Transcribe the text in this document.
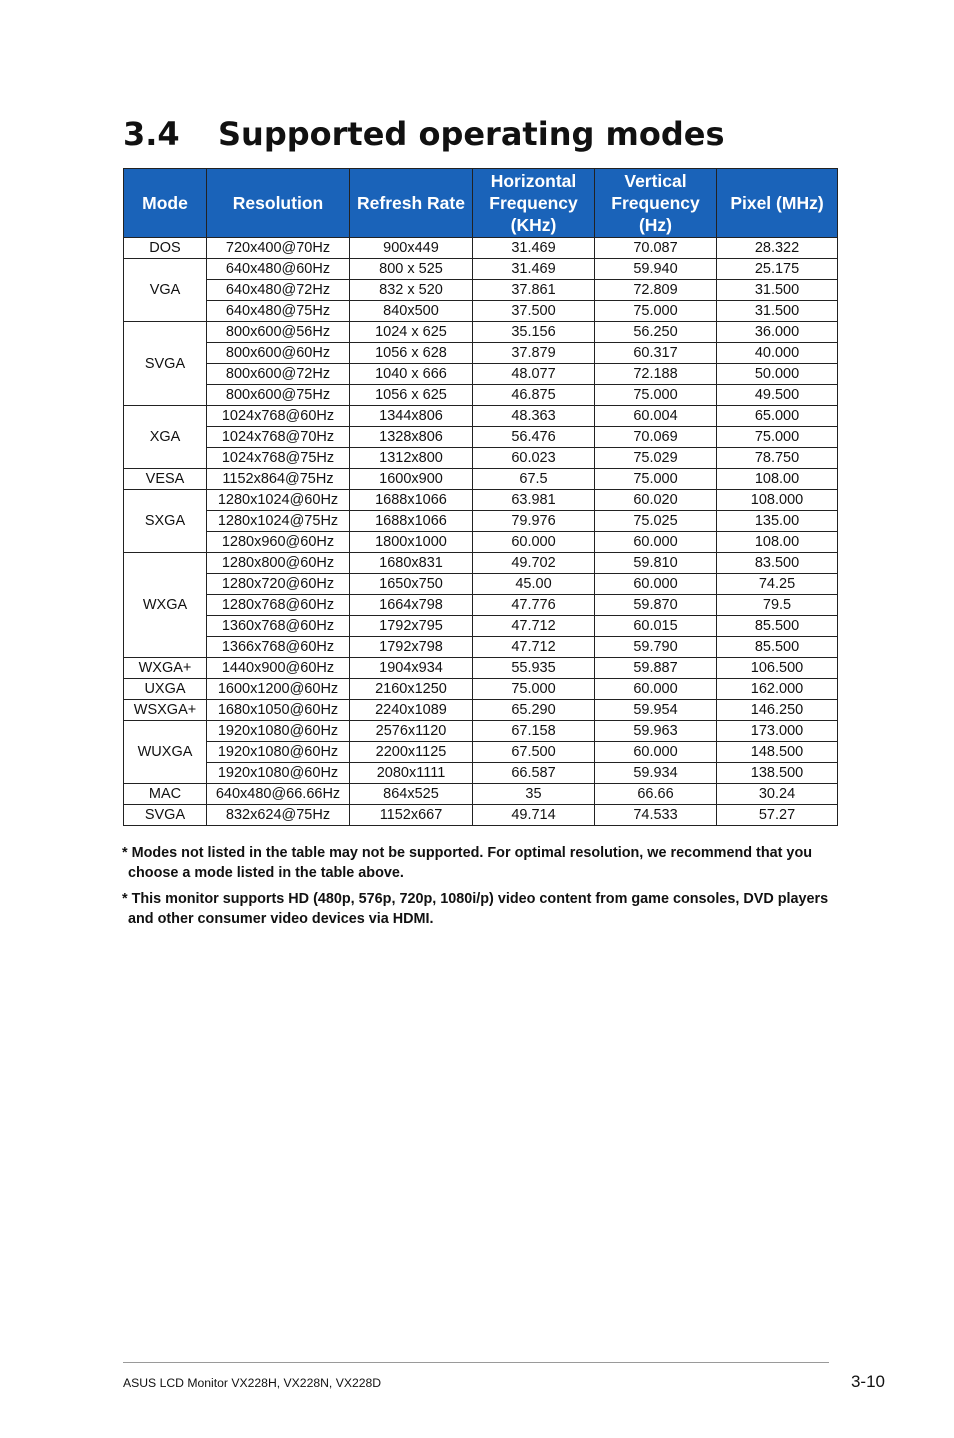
3.4 Supported operating modes
Mode	Resolution	Refresh Rate	Horizontal Frequency (KHz)	Vertical Frequency (Hz)	Pixel (MHz)
DOS	720x400@70Hz	900x449	31.469	70.087	28.322
VGA	640x480@60Hz	800 x 525	31.469	59.940	25.175
	640x480@72Hz	832 x 520	37.861	72.809	31.500
	640x480@75Hz	840x500	37.500	75.000	31.500
SVGA	800x600@56Hz	1024 x 625	35.156	56.250	36.000
	800x600@60Hz	1056 x 628	37.879	60.317	40.000
	800x600@72Hz	1040 x 666	48.077	72.188	50.000
	800x600@75Hz	1056 x 625	46.875	75.000	49.500
XGA	1024x768@60Hz	1344x806	48.363	60.004	65.000
	1024x768@70Hz	1328x806	56.476	70.069	75.000
	1024x768@75Hz	1312x800	60.023	75.029	78.750
VESA	1152x864@75Hz	1600x900	67.5	75.000	108.00
SXGA	1280x1024@60Hz	1688x1066	63.981	60.020	108.000
	1280x1024@75Hz	1688x1066	79.976	75.025	135.00
	1280x960@60Hz	1800x1000	60.000	60.000	108.00
WXGA	1280x800@60Hz	1680x831	49.702	59.810	83.500
	1280x720@60Hz	1650x750	45.00	60.000	74.25
	1280x768@60Hz	1664x798	47.776	59.870	79.5
	1360x768@60Hz	1792x795	47.712	60.015	85.500
	1366x768@60Hz	1792x798	47.712	59.790	85.500
WXGA+	1440x900@60Hz	1904x934	55.935	59.887	106.500
UXGA	1600x1200@60Hz	2160x1250	75.000	60.000	162.000
WSXGA+	1680x1050@60Hz	2240x1089	65.290	59.954	146.250
WUXGA	1920x1080@60Hz	2576x1120	67.158	59.963	173.000
	1920x1080@60Hz	2200x1125	67.500	60.000	148.500
	1920x1080@60Hz	2080x1111	66.587	59.934	138.500
MAC	640x480@66.66Hz	864x525	35	66.66	30.24
SVGA	832x624@75Hz	1152x667	49.714	74.533	57.27

* Modes not listed in the table may not be supported. For optimal resolution, we recommend that you choose a mode listed in the table above.

* This monitor supports HD (480p, 576p, 720p, 1080i/p) video content from game consoles, DVD players and other consumer video devices via HDMI.

ASUS LCD Monitor VX228H, VX228N, VX228D	3-10
